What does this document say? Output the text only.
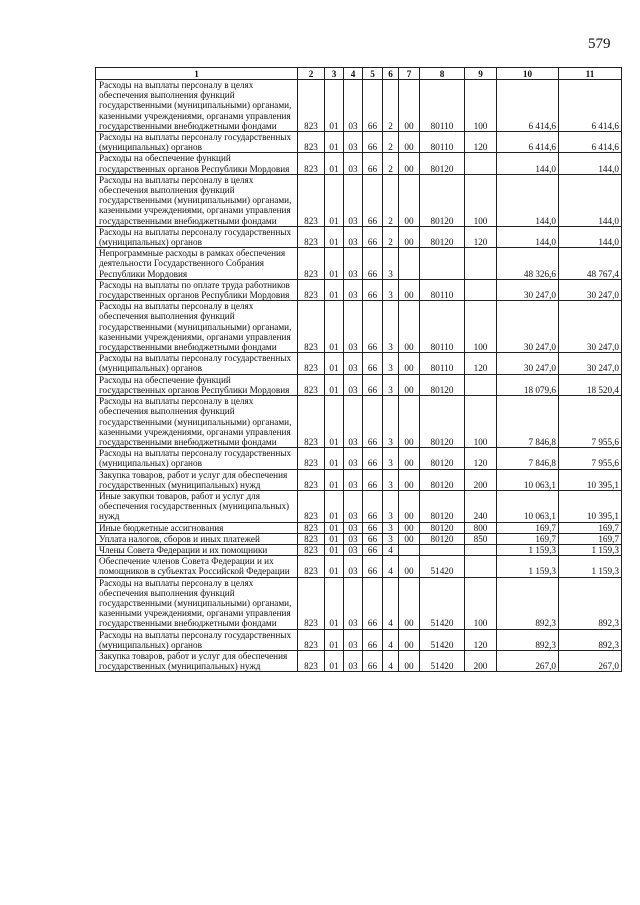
579
1	2	3	4	5	6	7	8	9	10	11
Расходы на выплаты персоналу в целях обеспечения выполнения функций государственными (муниципальными) органами, казенными учреждениями, органами управления государственными внебюджетными фондами	823	01	03	66	2	00	80110	100	6 414,6	6 414,6
Расходы на выплаты персоналу государственных (муниципальных) органов	823	01	03	66	2	00	80110	120	6 414,6	6 414,6
Расходы на обеспечение функций государственных органов Республики Мордовия	823	01	03	66	2	00	80120		144,0	144,0
Расходы на выплаты персоналу в целях обеспечения выполнения функций государственными (муниципальными) органами, казенными учреждениями, органами управления государственными внебюджетными фондами	823	01	03	66	2	00	80120	100	144,0	144,0
Расходы на выплаты персоналу государственных (муниципальных) органов	823	01	03	66	2	00	80120	120	144,0	144,0
Непрограммные расходы в рамках обеспечения деятельности Государственного Собрания Республики Мордовия	823	01	03	66	3				48 326,6	48 767,4
Расходы на выплаты по оплате труда работников государственных органов Республики Мордовия	823	01	03	66	3	00	80110		30 247,0	30 247,0
Расходы на выплаты персоналу в целях обеспечения выполнения функций государственными (муниципальными) органами, казенными учреждениями, органами управления государственными внебюджетными фондами	823	01	03	66	3	00	80110	100	30 247,0	30 247,0
Расходы на выплаты персоналу государственных (муниципальных) органов	823	01	03	66	3	00	80110	120	30 247,0	30 247,0
Расходы на обеспечение функций государственных органов Республики Мордовия	823	01	03	66	3	00	80120		18 079,6	18 520,4
Расходы на выплаты персоналу в целях обеспечения выполнения функций государственными (муниципальными) органами, казенными учреждениями, органами управления государственными внебюджетными фондами	823	01	03	66	3	00	80120	100	7 846,8	7 955,6
Расходы на выплаты персоналу государственных (муниципальных) органов	823	01	03	66	3	00	80120	120	7 846,8	7 955,6
Закупка товаров, работ и услуг для обеспечения государственных (муниципальных) нужд	823	01	03	66	3	00	80120	200	10 063,1	10 395,1
Иные закупки товаров, работ и услуг для обеспечения государственных (муниципальных) нужд	823	01	03	66	3	00	80120	240	10 063,1	10 395,1
Иные бюджетные ассигнования	823	01	03	66	3	00	80120	800	169,7	169,7
Уплата налогов, сборов и иных платежей	823	01	03	66	3	00	80120	850	169,7	169,7
Члены Совета Федерации и их помощники	823	01	03	66	4				1 159,3	1 159,3
Обеспечение членов Совета Федерации и их помощников в субъектах Российской Федерации	823	01	03	66	4	00	51420		1 159,3	1 159,3
Расходы на выплаты персоналу в целях обеспечения выполнения функций государственными (муниципальными) органами, казенными учреждениями, органами управления государственными внебюджетными фондами	823	01	03	66	4	00	51420	100	892,3	892,3
Расходы на выплаты персоналу государственных (муниципальных) органов	823	01	03	66	4	00	51420	120	892,3	892,3
Закупка товаров, работ и услуг для обеспечения государственных (муниципальных) нужд	823	01	03	66	4	00	51420	200	267,0	267,0
